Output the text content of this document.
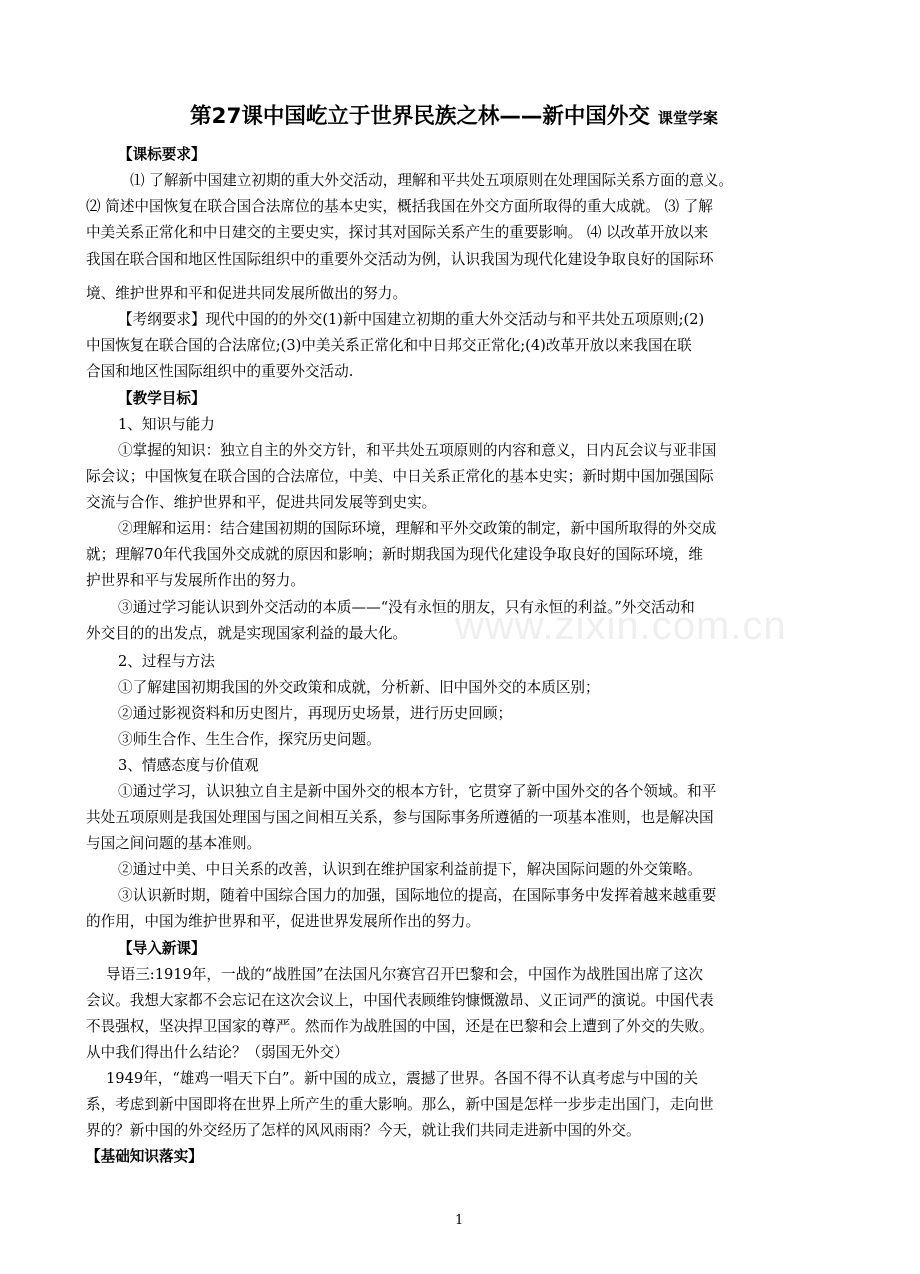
第27课中国屹立于世界民族之林——新中国外交 课堂学案
【课标要求】
⑴ 了解新中国建立初期的重大外交活动，理解和平共处五项原则在处理国际关系方面的意义。
⑵ 简述中国恢复在联合国合法席位的基本史实，概括我国在外交方面所取得的重大成就。 ⑶ 了解
中美关系正常化和中日建交的主要史实，探讨其对国际关系产生的重要影响。 ⑷ 以改革开放以来
我国在联合国和地区性国际组织中的重要外交活动为例，认识我国为现代化建设争取良好的国际环
境、维护世界和平和促进共同发展所做出的努力。
【考纲要求】现代中国的的外交(1)新中国建立初期的重大外交活动与和平共处五项原则;(2)
中国恢复在联合国的合法席位;(3)中美关系正常化和中日邦交正常化;(4)改革开放以来我国在联
合国和地区性国际组织中的重要外交活动.
【教学目标】
1、知识与能力
①掌握的知识：独立自主的外交方针，和平共处五项原则的内容和意义，日内瓦会议与亚非国
际会议；中国恢复在联合国的合法席位，中美、中日关系正常化的基本史实；新时期中国加强国际
交流与合作、维护世界和平，促进共同发展等到史实。
②理解和运用：结合建国初期的国际环境，理解和平外交政策的制定，新中国所取得的外交成
就；理解70年代我国外交成就的原因和影响；新时期我国为现代化建设争取良好的国际环境，维
护世界和平与发展所作出的努力。
③通过学习能认识到外交活动的本质——“没有永恒的朋友，只有永恒的利益。”外交活动和
外交目的的出发点，就是实现国家利益的最大化。
2、过程与方法
①了解建国初期我国的外交政策和成就，分析新、旧中国外交的本质区别；
②通过影视资料和历史图片，再现历史场景，进行历史回顾；
③师生合作、生生合作，探究历史问题。
3、情感态度与价值观
①通过学习，认识独立自主是新中国外交的根本方针，它贯穿了新中国外交的各个领域。和平
共处五项原则是我国处理国与国之间相互关系，参与国际事务所遵循的一项基本准则，也是解决国
与国之间问题的基本准则。
②通过中美、中日关系的改善，认识到在维护国家利益前提下，解决国际问题的外交策略。
③认识新时期，随着中国综合国力的加强，国际地位的提高，在国际事务中发挥着越来越重要
的作用，中国为维护世界和平，促进世界发展所作出的努力。
【导入新课】
导语三:1919年，一战的“战胜国”在法国凡尔赛宫召开巴黎和会，中国作为战胜国出席了这次
会议。我想大家都不会忘记在这次会议上，中国代表顾维钧慷慨激昂、义正词严的演说。中国代表
不畏强权，坚决捍卫国家的尊严。然而作为战胜国的中国，还是在巴黎和会上遭到了外交的失败。
从中我们得出什么结论？（弱国无外交）
1949年，“雄鸡一唱天下白”。新中国的成立，震撼了世界。各国不得不认真考虑与中国的关
系，考虑到新中国即将在世界上所产生的重大影响。那么，新中国是怎样一步步走出国门，走向世
界的？新中国的外交经历了怎样的风风雨雨？今天，就让我们共同走进新中国的外交。
【基础知识落实】
www.zixin.com.cn
1
